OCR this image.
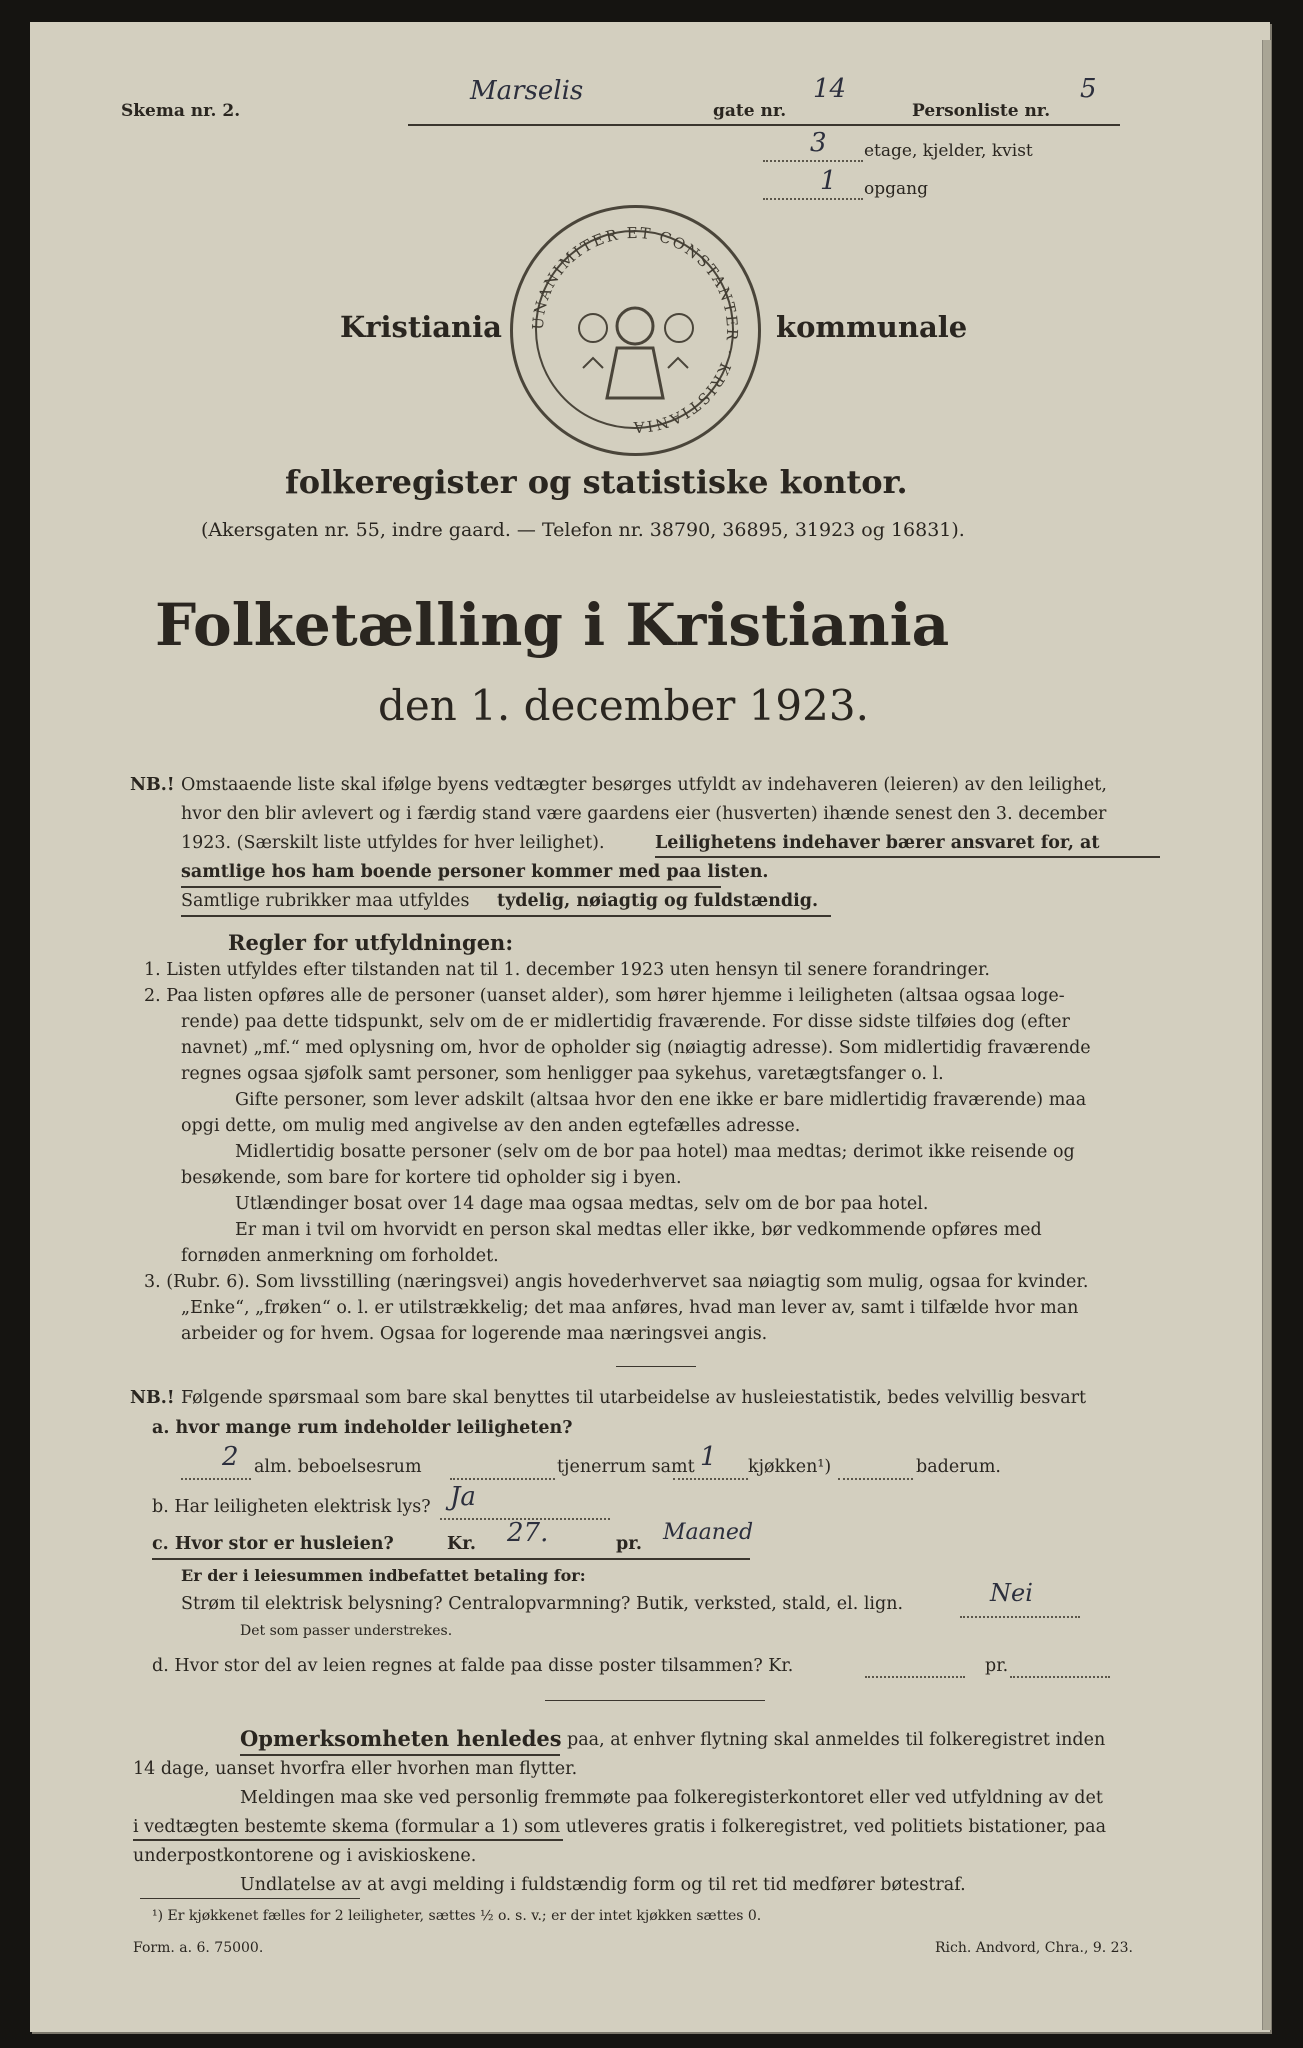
Skema nr. 2.
Marselis
gate nr.
14
Personliste nr.
5
3 etage, kjelder, kvist
1 opgang
UNANIMITER ET CONSTANTER · KRISTIANIA
Kristiania	kommunale
folkeregister og statistiske kontor.
(Akersgaten nr. 55, indre gaard. — Telefon nr. 38790, 36895, 31923 og 16831).
Folketælling i Kristiania
den 1. december 1923.
NB.! Omstaaende liste skal ifølge byens vedtægter besørges utfyldt av indehaveren (leieren) av den leilighet,
hvor den blir avlevert og i færdig stand være gaardens eier (husverten) ihænde senest den 3. december
1923. (Særskilt liste utfyldes for hver leilighet).	Leilighetens indehaver bærer ansvaret for, at
samtlige hos ham boende personer kommer med paa listen.
Samtlige rubrikker maa utfyldes tydelig, nøiagtig og fuldstændig.
Regler for utfyldningen:
1. Listen utfyldes efter tilstanden nat til 1. december 1923 uten hensyn til senere forandringer.
2. Paa listen opføres alle de personer (uanset alder), som hører hjemme i leiligheten (altsaa ogsaa loge-
rende) paa dette tidspunkt, selv om de er midlertidig fraværende. For disse sidste tilføies dog (efter
navnet) „mf.“ med oplysning om, hvor de opholder sig (nøiagtig adresse). Som midlertidig fraværende
regnes ogsaa sjøfolk samt personer, som henligger paa sykehus, varetægtsfanger o. l.
Gifte personer, som lever adskilt (altsaa hvor den ene ikke er bare midlertidig fraværende) maa
opgi dette, om mulig med angivelse av den anden egtefælles adresse.
Midlertidig bosatte personer (selv om de bor paa hotel) maa medtas; derimot ikke reisende og
besøkende, som bare for kortere tid opholder sig i byen.
Utlændinger bosat over 14 dage maa ogsaa medtas, selv om de bor paa hotel.
Er man i tvil om hvorvidt en person skal medtas eller ikke, bør vedkommende opføres med
fornøden anmerkning om forholdet.
3. (Rubr. 6). Som livsstilling (næringsvei) angis hovederhvervet saa nøiagtig som mulig, ogsaa for kvinder.
„Enke“, „frøken“ o. l. er utilstrækkelig; det maa anføres, hvad man lever av, samt i tilfælde hvor man
arbeider og for hvem. Ogsaa for logerende maa næringsvei angis.
NB.! Følgende spørsmaal som bare skal benyttes til utarbeidelse av husleiestatistik, bedes velvillig besvart
a. hvor mange rum indeholder leiligheten?
2 alm. beboelsesrum	tjenerrum samt 1 kjøkken¹)	baderum.
b. Har leiligheten elektrisk lys? Ja
c. Hvor stor er husleien?	Kr. 27.	pr. Maaned
Er der i leiesummen indbefattet betaling for:
Strøm til elektrisk belysning? Centralopvarmning? Butik, verksted, stald, el. lign.	Nei
Det som passer understrekes.
d. Hvor stor del av leien regnes at falde paa disse poster tilsammen? Kr.	pr.
Opmerksomheten henledes paa, at enhver flytning skal anmeldes til folkeregistret inden
14 dage, uanset hvorfra eller hvorhen man flytter.
Meldingen maa ske ved personlig fremmøte paa folkeregisterkontoret eller ved utfyldning av det
i vedtægten bestemte skema (formular a 1) som utleveres gratis i folkeregistret, ved politiets bistationer, paa
underpostkontorene og i aviskioskene.
Undlatelse av at avgi melding i fuldstændig form og til ret tid medfører bøtestraf.
¹) Er kjøkkenet fælles for 2 leiligheter, sættes ½ o. s. v.; er der intet kjøkken sættes 0.
Form. a. 6. 75000.	Rich. Andvord, Chra., 9. 23.
